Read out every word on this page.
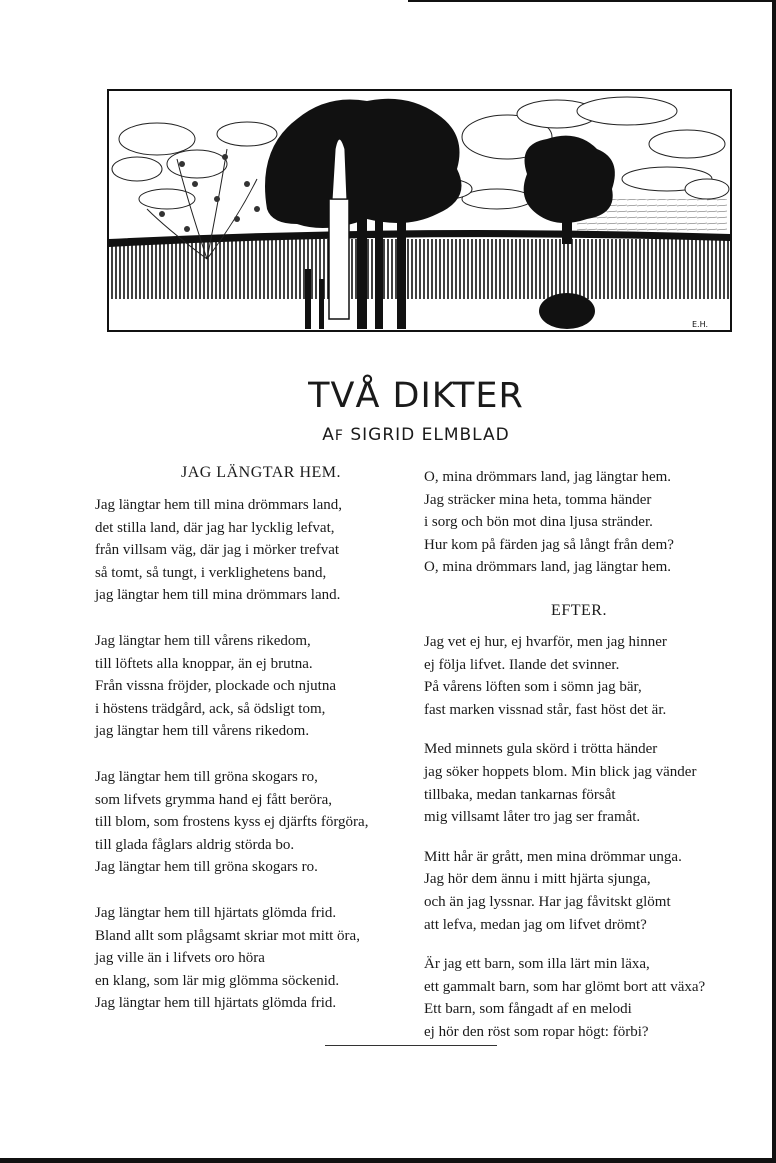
E.H.
TVÅ DIKTER
AF SIGRID ELMBLAD
JAG LÄNGTAR HEM.
Jag längtar hem till mina drömmars land,
det stilla land, där jag har lycklig lefvat,
från villsam väg, där jag i mörker trefvat
så tomt, så tungt, i verklighetens band,
jag längtar hem till mina drömmars land.
Jag längtar hem till vårens rikedom,
till löftets alla knoppar, än ej brutna.
Från vissna fröjder, plockade och njutna
i höstens trädgård, ack, så ödsligt tom,
jag längtar hem till vårens rikedom.
Jag längtar hem till gröna skogars ro,
som lifvets grymma hand ej fått beröra,
till blom, som frostens kyss ej djärfts förgöra,
till glada fåglars aldrig störda bo.
Jag längtar hem till gröna skogars ro.
Jag längtar hem till hjärtats glömda frid.
Bland allt som plågsamt skriar mot mitt öra,
jag ville än i lifvets oro höra
en klang, som lär mig glömma söckenid.
Jag längtar hem till hjärtats glömda frid.
O, mina drömmars land, jag längtar hem.
Jag sträcker mina heta, tomma händer
i sorg och bön mot dina ljusa stränder.
Hur kom på färden jag så långt från dem?
O, mina drömmars land, jag längtar hem.
EFTER.
Jag vet ej hur, ej hvarför, men jag hinner
ej följa lifvet. Ilande det svinner.
På vårens löften som i sömn jag bär,
fast marken vissnad står, fast höst det är.
Med minnets gula skörd i trötta händer
jag söker hoppets blom. Min blick jag vänder
tillbaka, medan tankarnas försåt
mig villsamt låter tro jag ser framåt.
Mitt hår är grått, men mina drömmar unga.
Jag hör dem ännu i mitt hjärta sjunga,
och än jag lyssnar. Har jag fåvitskt glömt
att lefva, medan jag om lifvet drömt?
Är jag ett barn, som illa lärt min läxa,
ett gammalt barn, som har glömt bort att växa?
Ett barn, som fångadt af en melodi
ej hör den röst som ropar högt: förbi?
